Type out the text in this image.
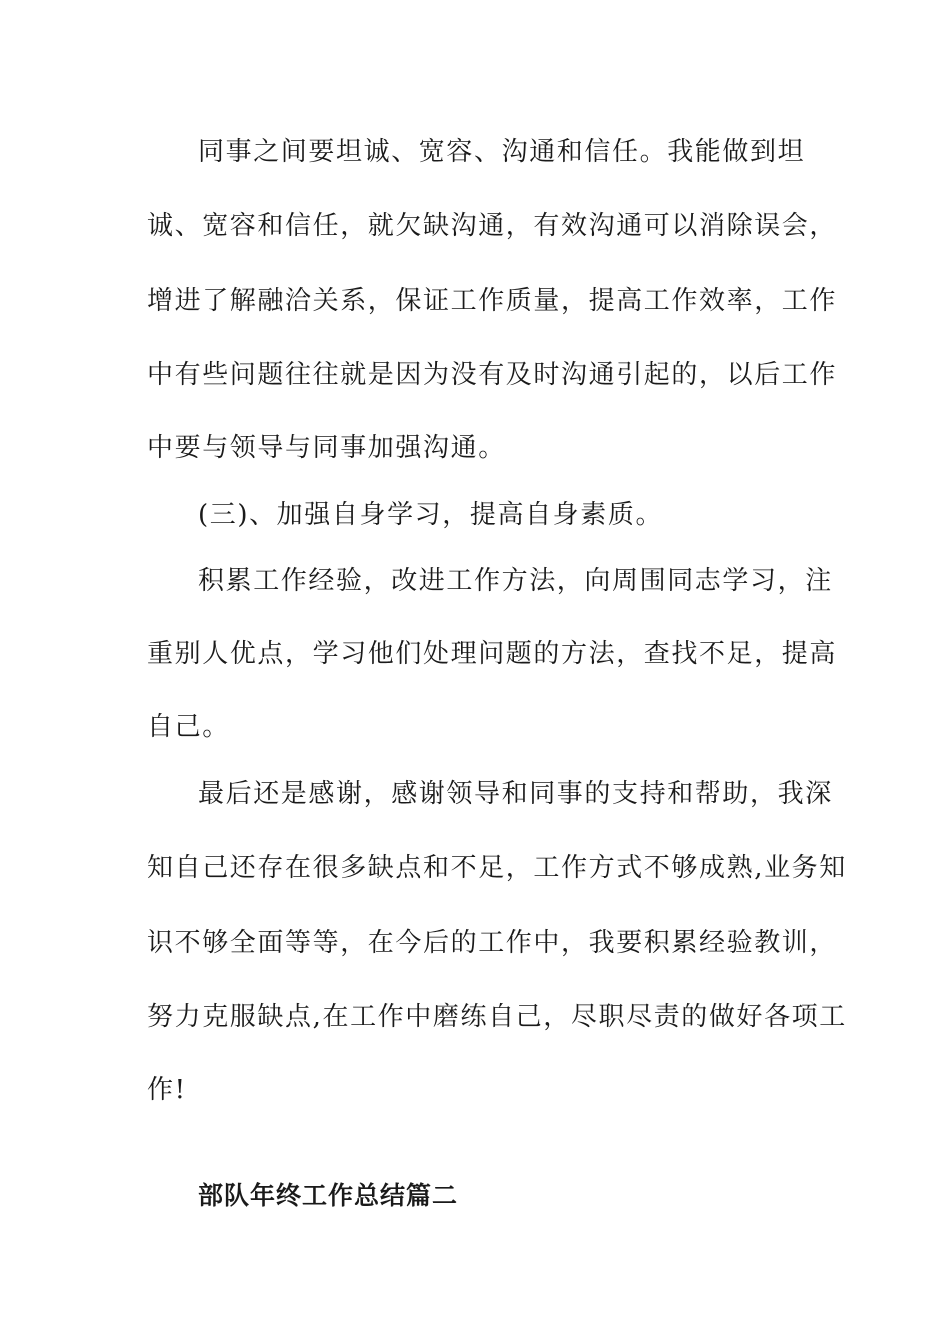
同事之间要坦诚、宽容、沟通和信任。我能做到坦
诚、宽容和信任，就欠缺沟通，有效沟通可以消除误会，
增进了解融洽关系，保证工作质量，提高工作效率，工作
中有些问题往往就是因为没有及时沟通引起的，以后工作
中要与领导与同事加强沟通。
(三)、加强自身学习，提高自身素质。
积累工作经验，改进工作方法，向周围同志学习，注
重别人优点，学习他们处理问题的方法，查找不足，提高
自己。
最后还是感谢，感谢领导和同事的支持和帮助，我深
知自己还存在很多缺点和不足，工作方式不够成熟,业务知
识不够全面等等，在今后的工作中，我要积累经验教训，
努力克服缺点,在工作中磨练自己，尽职尽责的做好各项工
作!
部队年终工作总结篇二
